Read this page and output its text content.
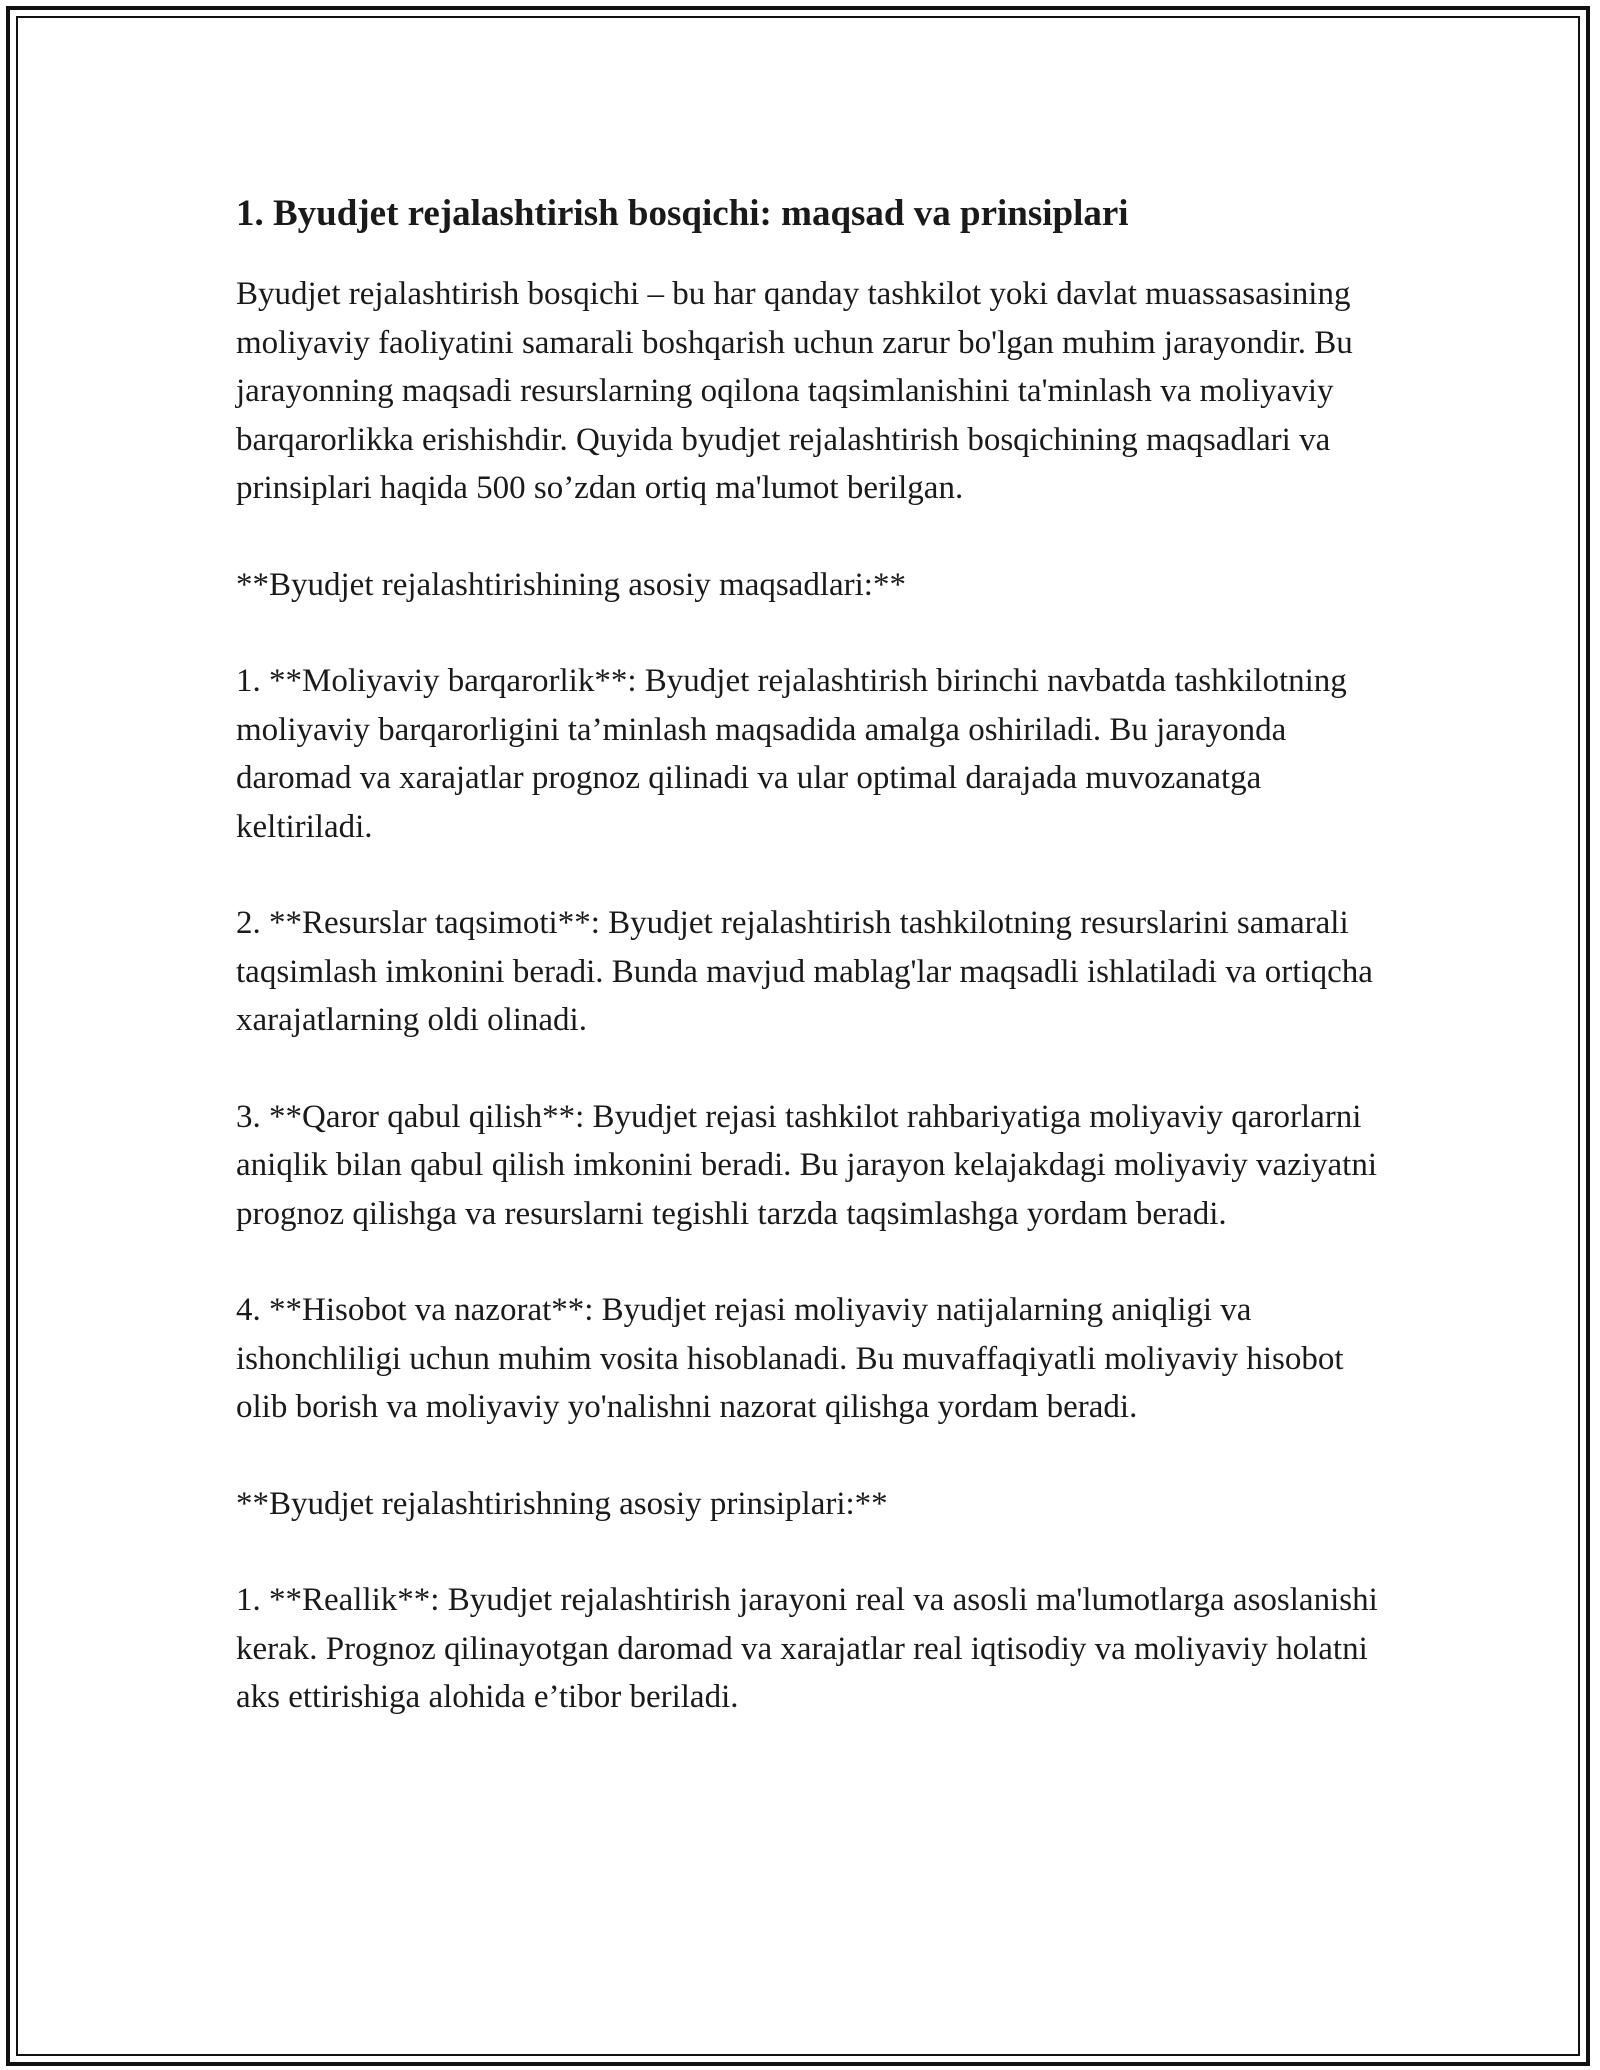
1. Byudjet rejalashtirish bosqichi: maqsad va prinsiplari

Byudjet rejalashtirish bosqichi – bu har qanday tashkilot yoki davlat muassasasining moliyaviy faoliyatini samarali boshqarish uchun zarur bo'lgan muhim jarayondir. Bu jarayonning maqsadi resurslarning oqilona taqsimlanishini ta'minlash va moliyaviy barqarorlikka erishishdir. Quyida byudjet rejalashtirish bosqichining maqsadlari va prinsiplari haqida 500 so’zdan ortiq ma'lumot berilgan.

**Byudjet rejalashtirishining asosiy maqsadlari:**

1. **Moliyaviy barqarorlik**: Byudjet rejalashtirish birinchi navbatda tashkilotning moliyaviy barqarorligini ta’minlash maqsadida amalga oshiriladi. Bu jarayonda daromad va xarajatlar prognoz qilinadi va ular optimal darajada muvozanatga keltiriladi.

2. **Resurslar taqsimoti**: Byudjet rejalashtirish tashkilotning resurslarini samarali taqsimlash imkonini beradi. Bunda mavjud mablag'lar maqsadli ishlatiladi va ortiqcha xarajatlarning oldi olinadi.

3. **Qaror qabul qilish**: Byudjet rejasi tashkilot rahbariyatiga moliyaviy qarorlarni aniqlik bilan qabul qilish imkonini beradi. Bu jarayon kelajakdagi moliyaviy vaziyatni prognoz qilishga va resurslarni tegishli tarzda taqsimlashga yordam beradi.

4. **Hisobot va nazorat**: Byudjet rejasi moliyaviy natijalarning aniqligi va ishonchliligi uchun muhim vosita hisoblanadi. Bu muvaffaqiyatli moliyaviy hisobot olib borish va moliyaviy yo'nalishni nazorat qilishga yordam beradi.

**Byudjet rejalashtirishning asosiy prinsiplari:**

1. **Reallik**: Byudjet rejalashtirish jarayoni real va asosli ma'lumotlarga asoslanishi kerak. Prognoz qilinayotgan daromad va xarajatlar real iqtisodiy va moliyaviy holatni aks ettirishiga alohida e’tibor beriladi.
